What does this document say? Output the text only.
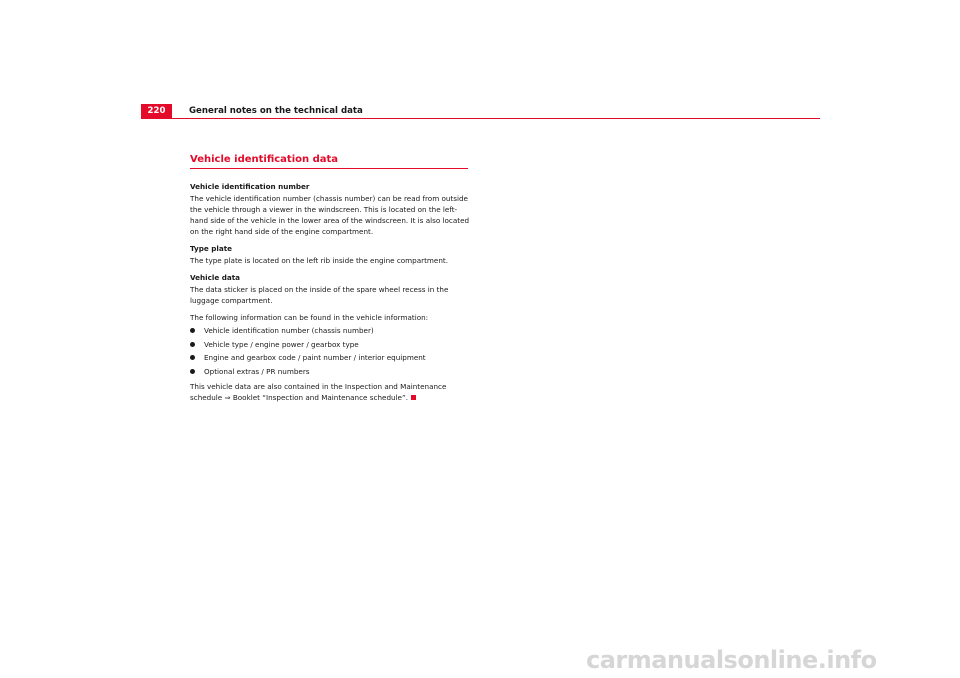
220	General notes on the technical data
Vehicle identification data

Vehicle identification number

The vehicle identification number (chassis number) can be read from outside the vehicle through a viewer in the windscreen. This is located on the left-hand side of the vehicle in the lower area of the windscreen. It is also located on the right hand side of the engine compartment.

Type plate

The type plate is located on the left rib inside the engine compartment.

Vehicle data

The data sticker is placed on the inside of the spare wheel recess in the luggage compartment.

The following information can be found in the vehicle information:

Vehicle identification number (chassis number)
Vehicle type / engine power / gearbox type
Engine and gearbox code / paint number / interior equipment
Optional extras / PR numbers

This vehicle data are also contained in the Inspection and Maintenance schedule ⇒ Booklet “Inspection and Maintenance schedule”.

carmanualsonline.info
